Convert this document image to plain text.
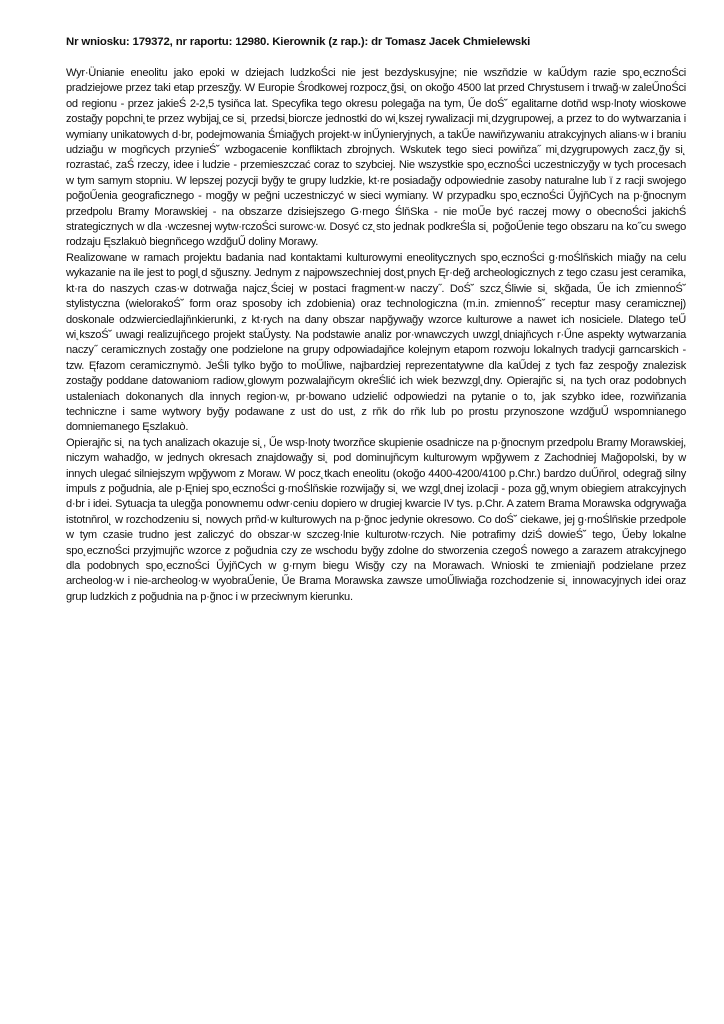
Nr wniosku: 179372, nr raportu: 12980. Kierownik (z rap.): dr Tomasz Jacek Chmielewski

Wyr·Ünianie eneolitu jako epoki w dziejach ludzkoŚci nie jest bezdyskusyjne; nie wszňdzie w kaŰdym razie spo˛ecznoŚci pradziejowe przez taki etap przeszğy. W Europie Środkowej rozpocz˛ğsi˛ on okoğo 4500 lat przed Chrystusem i trwağ·w zaleŰnoŚci od regionu - przez jakieŚ 2-2,5 tysiňca lat. Specyfika tego okresu polegağa na tym, Űe doŚ˘ egalitarne dotňd wsp·lnoty wioskowe zostağy popchni˛te przez wybijaj˛ce si˛ przedsi˛biorcze jednostki do wi˛kszej rywalizacji mi˛dzygrupowej, a przez to do wytwarzania i wymiany unikatowych d·br, podejmowania Śmiağych projekt·w inŰynieryjnych, a takŰe nawiňzywaniu atrakcyjnych alians·w i braniu udziağu w mogňcych przynieŚ˘ wzbogacenie konfliktach zbrojnych. Wskutek tego sieci powiňza˝ mi˛dzygrupowych zacz˛ğy si˛ rozrastać, zaŚ rzeczy, idee i ludzie - przemieszczać coraz to szybciej. Nie wszystkie spo˛ecznoŚci uczestniczyğy w tych procesach w tym samym stopniu. W lepszej pozycji byğy te grupy ludzkie, kt·re posiadağy odpowiednie zasoby naturalne lub ï z racji swojego poğoŰenia geograficznego - mogğy w peğni uczestniczyć w sieci wymiany. W przypadku spo˛ecznoŚci ŰyjňCych na p·ğnocnym przedpolu Bramy Morawskiej - na obszarze dzisiejszego G·rnego ŚlňSka - nie moŰe być raczej mowy o obecnoŚci jakichŚ strategicznych w dla ·wczesnej wytw·rczoŚci surowc·w. Dosyć cz˛sto jednak podkreŚla si˛ poğoŰenie tego obszaru na ko˝cu swego rodzaju Ęszlakuò biegnňcego wzdğuŰ doliny Morawy.

Realizowane w ramach projektu badania nad kontaktami kulturowymi eneolitycznych spo˛ecznoŚci g·rnoŚlňskich miağy na celu wykazanie na ile jest to pogl˛d sğuszny. Jednym z najpowszechniej dost˛pnych Ęr·değ archeologicznych z tego czasu jest ceramika, kt·ra do naszych czas·w dotrwağa najcz˛Ściej w postaci fragment·w naczy˝. DoŚ˘ szcz˛Śliwie si˛ skğada, Űe ich zmiennoŚ˘ stylistyczna (wielorakoŚ˘ form oraz sposoby ich zdobienia) oraz technologiczna (m.in. zmiennoŚ˘ receptur masy ceramicznej) doskonale odzwierciedlajňnkierunki, z kt·rych na dany obszar napğywağy wzorce kulturowe a nawet ich nosiciele. Dlatego teŰ wi˛kszoŚ˘ uwagi realizujňcego projekt staŰysty. Na podstawie analiz por·wnawczych uwzgl˛dniajňcych r·Űne aspekty wytwarzania naczy˝ ceramicznych zostağy one podzielone na grupy odpowiadajňce kolejnym etapom rozwoju lokalnych tradycji garncarskich - tzw. Ęfazom ceramicznymò. JeŚli tylko byğo to moŰliwe, najbardziej reprezentatywne dla kaŰdej z tych faz zespoğy znalezisk zostağy poddane datowaniom radiow˛glowym pozwalajňcym okreŚlić ich wiek bezwzgl˛dny. Opierajňc si˛ na tych oraz podobnych ustaleniach dokonanych dla innych region·w, pr·bowano udzielić odpowiedzi na pytanie o to, jak szybko idee, rozwiňzania techniczne i same wytwory byğy podawane z ust do ust, z rňk do rňk lub po prostu przynoszone wzdğuŰ wspomnianego domniemanego Ęszlakuò.

Opierajňc si˛ na tych analizach okazuje si˛, Űe wsp·lnoty tworzňce skupienie osadnicze na p·ğnocnym przedpolu Bramy Morawskiej, niczym wahadğo, w jednych okresach znajdowağy si˛ pod dominujňcym kulturowym wpğywem z Zachodniej Mağopolski, by w innych ulegać silniejszym wpğywom z Moraw. W pocz˛tkach eneolitu (okoğo 4400-4200/4100 p.Chr.) bardzo duŰňrol˛ odegrağ silny impuls z poğudnia, ale p·Ęniej spo˛ecznoŚci g·rnoŚlňskie rozwijağy si˛ we wzgl˛dnej izolacji - poza gğ˛wnym obiegiem atrakcyjnych d·br i idei. Sytuacja ta ulegğa ponownemu odwr·ceniu dopiero w drugiej kwarcie IV tys. p.Chr. A zatem Brama Morawska odgrywağa istotnňrol˛ w rozchodzeniu si˛ nowych prňd·w kulturowych na p·ğnoc jedynie okresowo. Co doŚ˘ ciekawe, jej g·rnoŚlňskie przedpole w tym czasie trudno jest zaliczyć do obszar·w szczeg·lnie kulturotw·rczych. Nie potrafimy dziŚ dowieŚ˘ tego, Űeby lokalne spo˛ecznoŚci przyjmujňc wzorce z poğudnia czy ze wschodu byğy zdolne do stworzenia czegoŚ nowego a zarazem atrakcyjnego dla podobnych spo˛ecznoŚci ŰyjňCych w g·rnym biegu Wisğy czy na Morawach. Wnioski te zmieniajň podzielane przez archeolog·w i nie-archeolog·w wyobraŰenie, Űe Brama Morawska zawsze umoŰliwiağa rozchodzenie si˛ innowacyjnych idei oraz grup ludzkich z poğudnia na p·ğnoc i w przeciwnym kierunku.
